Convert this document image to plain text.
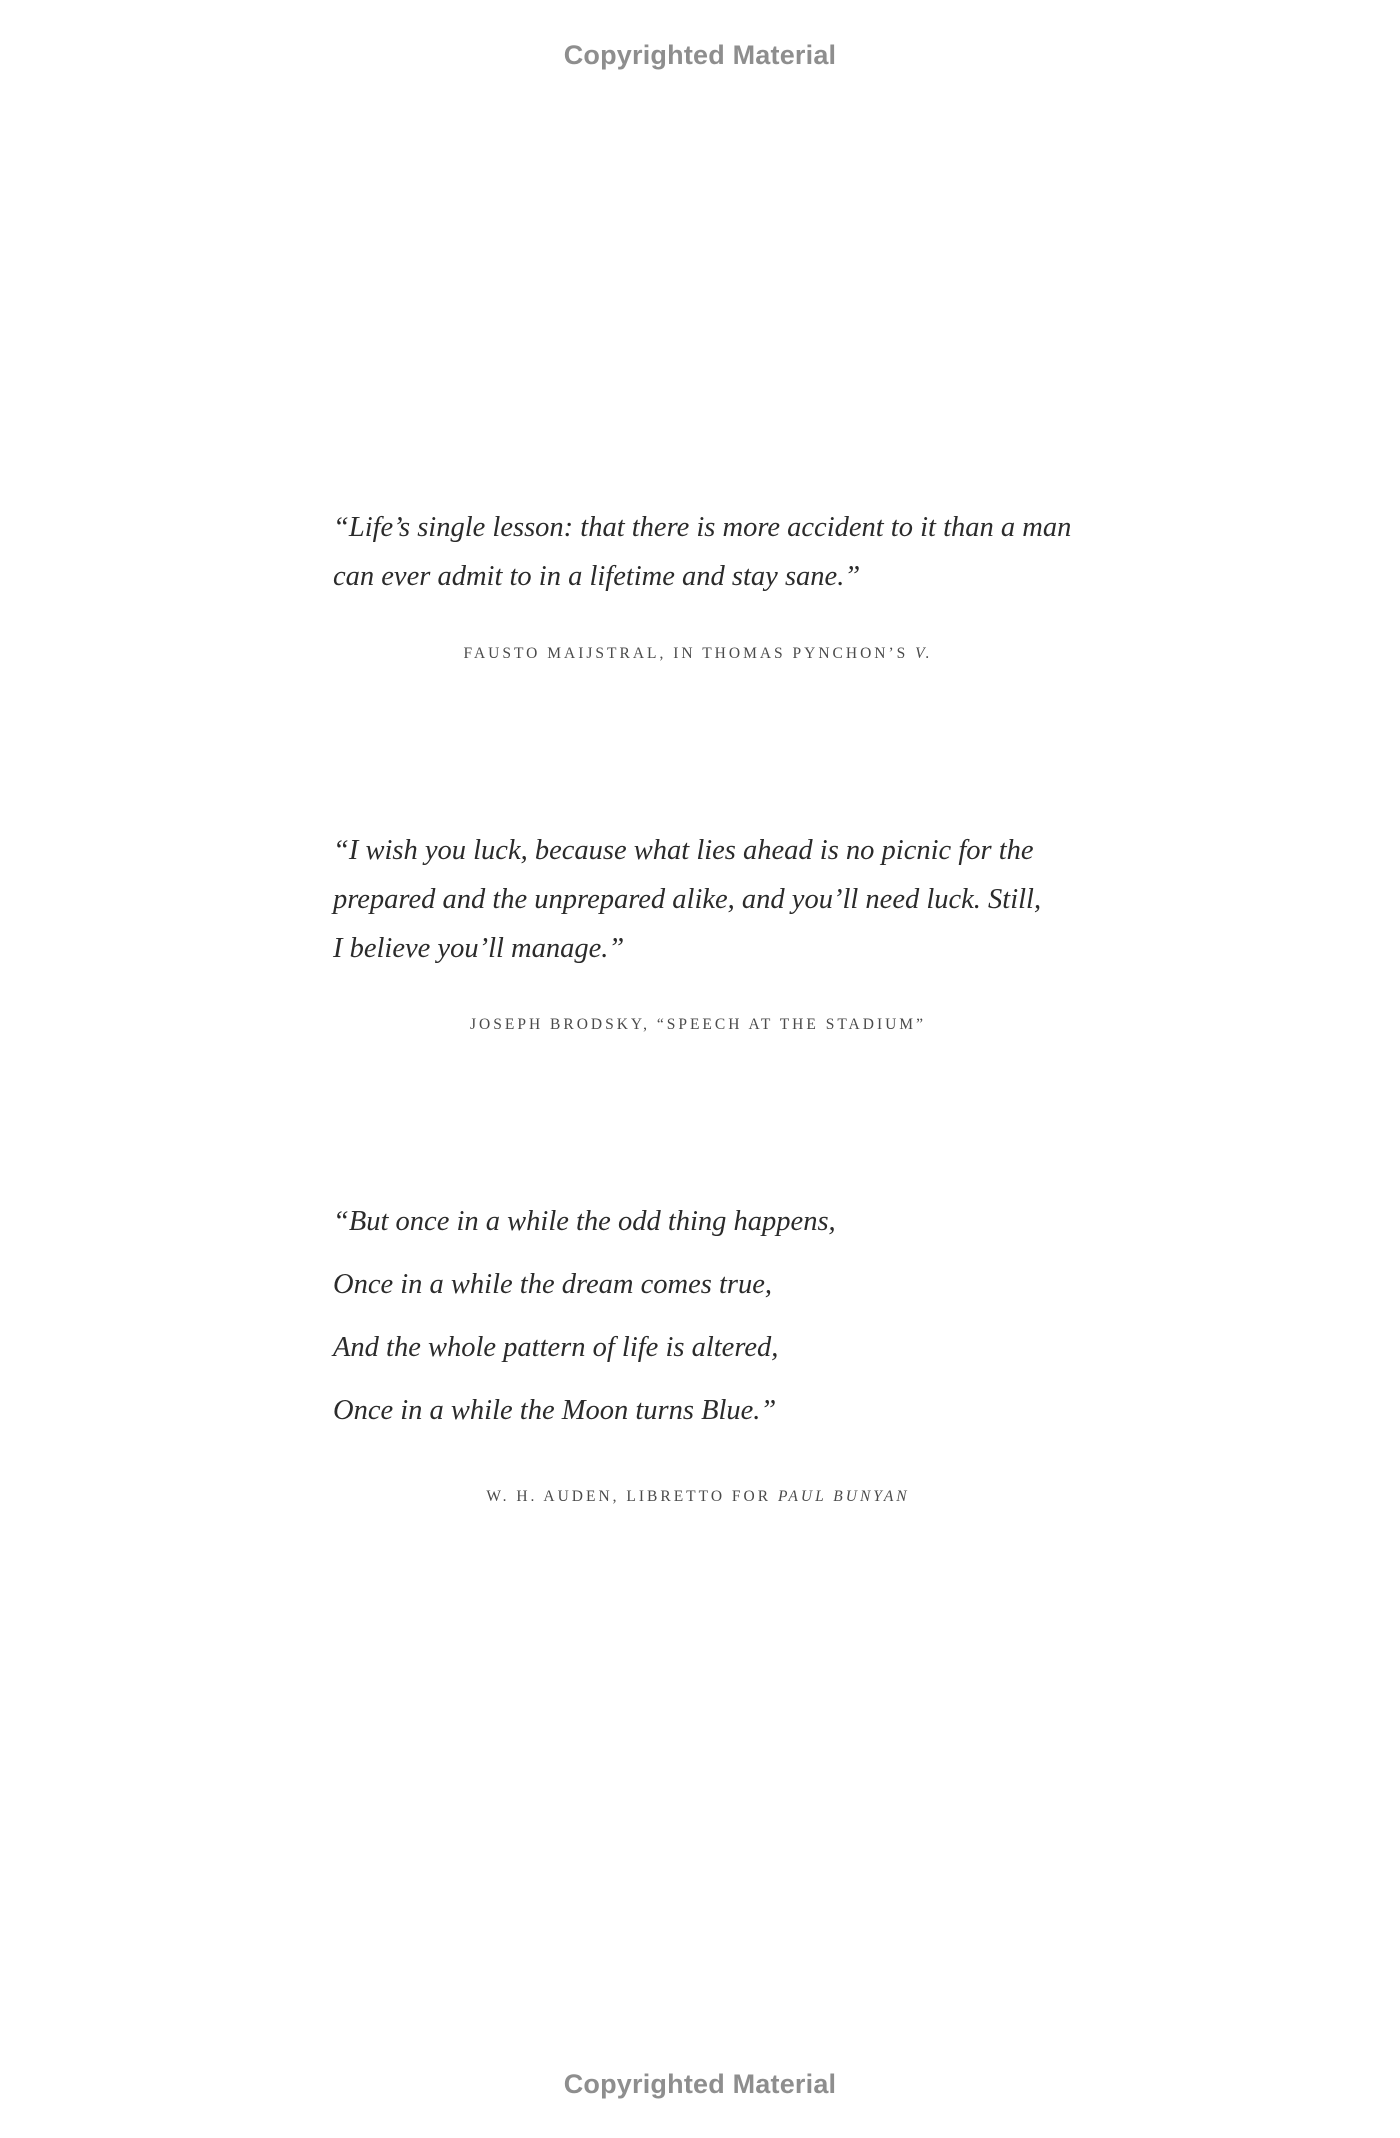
Copyrighted Material
“Life’s single lesson: that there is more accident to it than a man
can ever admit to in a lifetime and stay sane.”
FAUSTO MAIJSTRAL, IN THOMAS PYNCHON’S V.
“I wish you luck, because what lies ahead is no picnic for the
prepared and the unprepared alike, and you’ll need luck. Still,
I believe you’ll manage.”
JOSEPH BRODSKY, “SPEECH AT THE STADIUM”
“But once in a while the odd thing happens,
Once in a while the dream comes true,
And the whole pattern of life is altered,
Once in a while the Moon turns Blue.”
W. H. AUDEN, LIBRETTO FOR PAUL BUNYAN
Copyrighted Material
